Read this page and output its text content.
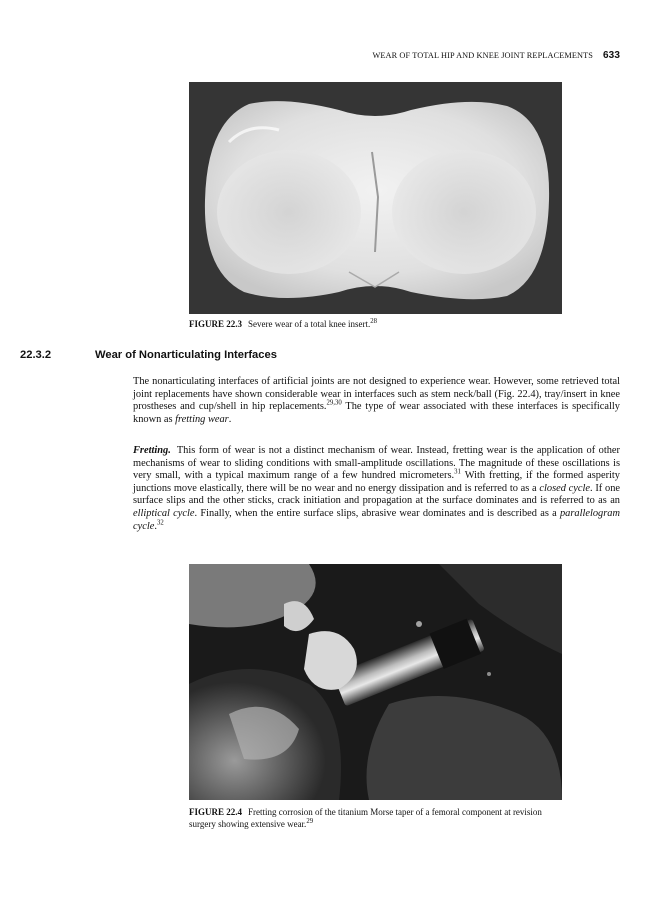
WEAR OF TOTAL HIP AND KNEE JOINT REPLACEMENTS 633
FIGURE 22.3 Severe wear of a total knee insert.$^{28}$
22.3.2	Wear of Nonarticulating Interfaces
The nonarticulating interfaces of artificial joints are not designed to experience wear. However, some retrieved total joint replacements have shown considerable wear in interfaces such as stem neck/ball (Fig. 22.4), tray/insert in knee prostheses and cup/shell in hip replacements.$^{29,30}$ The type of wear associated with these interfaces is specifically known as fretting wear.
Fretting. This form of wear is not a distinct mechanism of wear. Instead, fretting wear is the application of other mechanisms of wear to sliding conditions with small-amplitude oscillations. The magnitude of these oscillations is very small, with a typical maximum range of a few hundred micrometers.$^{31}$ With fretting, if the formed asperity junctions move elastically, there will be no wear and no energy dissipation and is referred to as a closed cycle. If one surface slips and the other sticks, crack initiation and propagation at the surface dominates and is referred to as an elliptical cycle. Finally, when the entire surface slips, abrasive wear dominates and is described as a parallelogram cycle.$^{32}$
FIGURE 22.4 Fretting corrosion of the titanium Morse taper of a femoral component at revision surgery showing extensive wear.$^{29}$
